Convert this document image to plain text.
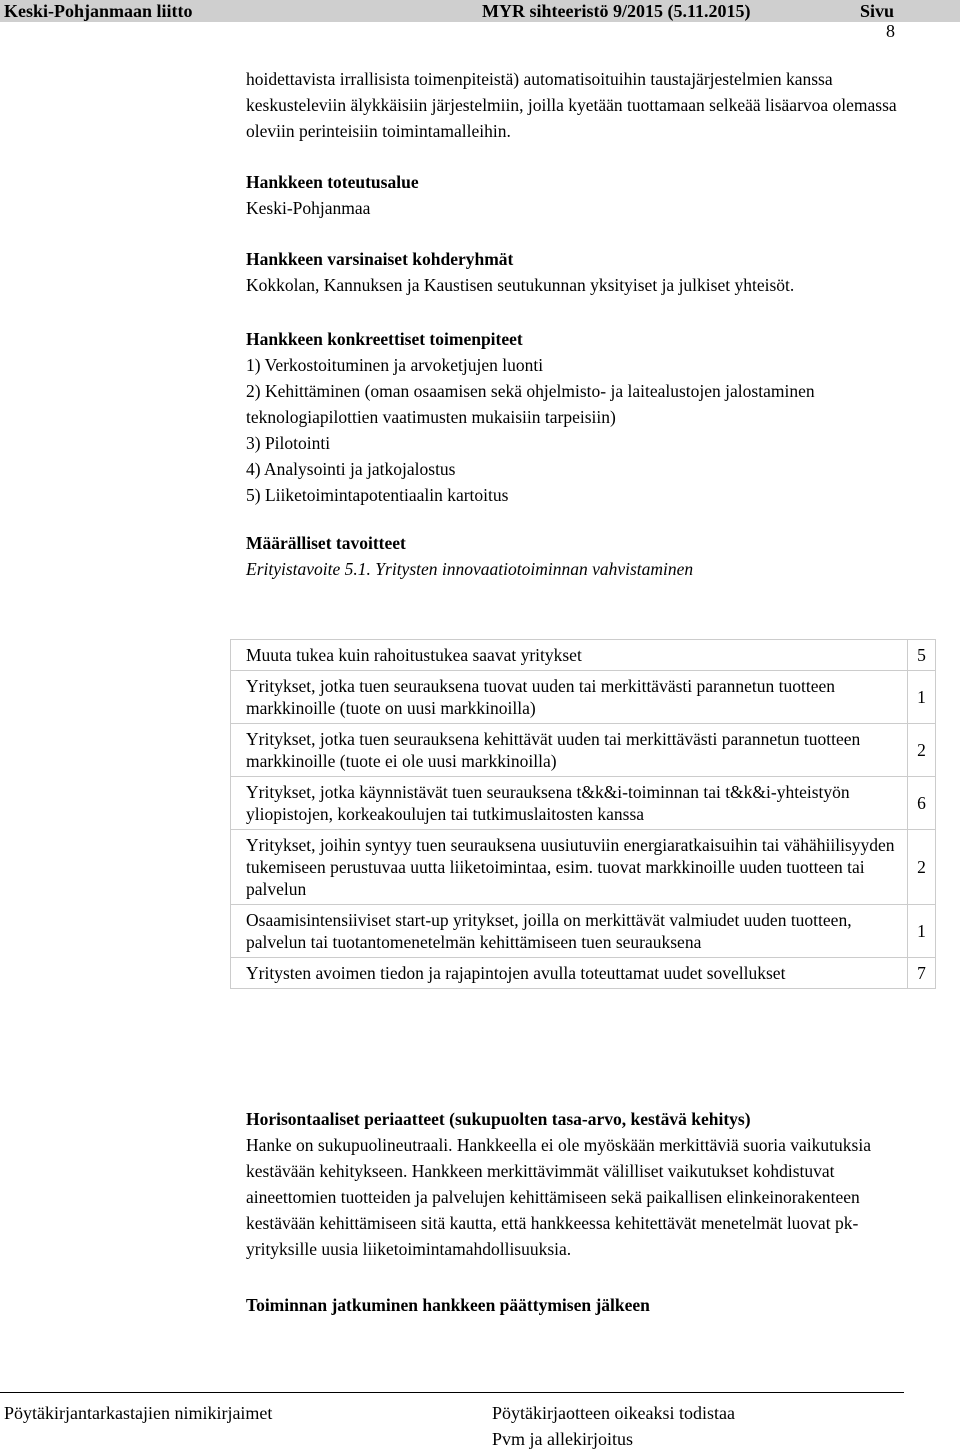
Keski-Pohjanmaan liitto	MYR sihteeristö 9/2015 (5.11.2015)	Sivu
8

hoidettavista irrallisista toimenpiteistä) automatisoituihin taustajärjestelmien kanssa keskusteleviin älykkäisiin järjestelmiin, joilla kyetään tuottamaan selkeää lisäarvoa olemassa oleviin perinteisiin toimintamalleihin.

Hankkeen toteutusalue
Keski-Pohjanmaa
Hankkeen varsinaiset kohderyhmät
Kokkolan, Kannuksen ja Kaustisen seutukunnan yksityiset ja julkiset yhteisöt.
Hankkeen konkreettiset toimenpiteet
1) Verkostoituminen ja arvoketjujen luonti
2) Kehittäminen (oman osaamisen sekä ohjelmisto- ja laitealustojen jalostaminen teknologiapilottien vaatimusten mukaisiin tarpeisiin)
3) Pilotointi
4) Analysointi ja jatkojalostus
5) Liiketoimintapotentiaalin kartoitus
Määrälliset tavoitteet
Erityistavoite 5.1. Yritysten innovaatiotoiminnan vahvistaminen
Muuta tukea kuin rahoitustukea saavat yritykset	5
Yritykset, jotka tuen seurauksena tuovat uuden tai merkittävästi parannetun tuotteen markkinoille (tuote on uusi markkinoilla)	1
Yritykset, jotka tuen seurauksena kehittävät uuden tai merkittävästi parannetun tuotteen markkinoille (tuote ei ole uusi markkinoilla)	2
Yritykset, jotka käynnistävät tuen seurauksena t&k&i-toiminnan tai t&k&i-yhteistyön yliopistojen, korkeakoulujen tai tutkimuslaitosten kanssa	6
Yritykset, joihin syntyy tuen seurauksena uusiutuviin energiaratkaisuihin tai vähähiilisyyden tukemiseen perustuvaa uutta liiketoimintaa, esim. tuovat markkinoille uuden tuotteen tai palvelun	2
Osaamisintensiiviset start-up yritykset, joilla on merkittävät valmiudet uuden tuotteen, palvelun tai tuotantomenetelmän kehittämiseen tuen seurauksena	1
Yritysten avoimen tiedon ja rajapintojen avulla toteuttamat uudet sovellukset	7
Horisontaaliset periaatteet (sukupuolten tasa-arvo, kestävä kehitys)

Hanke on sukupuolineutraali. Hankkeella ei ole myöskään merkittäviä suoria vaikutuksia kestävään kehitykseen. Hankkeen merkittävimmät välilliset vaikutukset kohdistuvat aineettomien tuotteiden ja palvelujen kehittämiseen sekä paikallisen elinkeinorakenteen kestävään kehittämiseen sitä kautta, että hankkeessa kehitettävät menetelmät luovat pk- yrityksille uusia liiketoimintamahdollisuuksia.

Toiminnan jatkuminen hankkeen päättymisen jälkeen
Pöytäkirjantarkastajien nimikirjaimet	Pöytäkirjaotteen oikeaksi todistaa
Pvm ja allekirjoitus
